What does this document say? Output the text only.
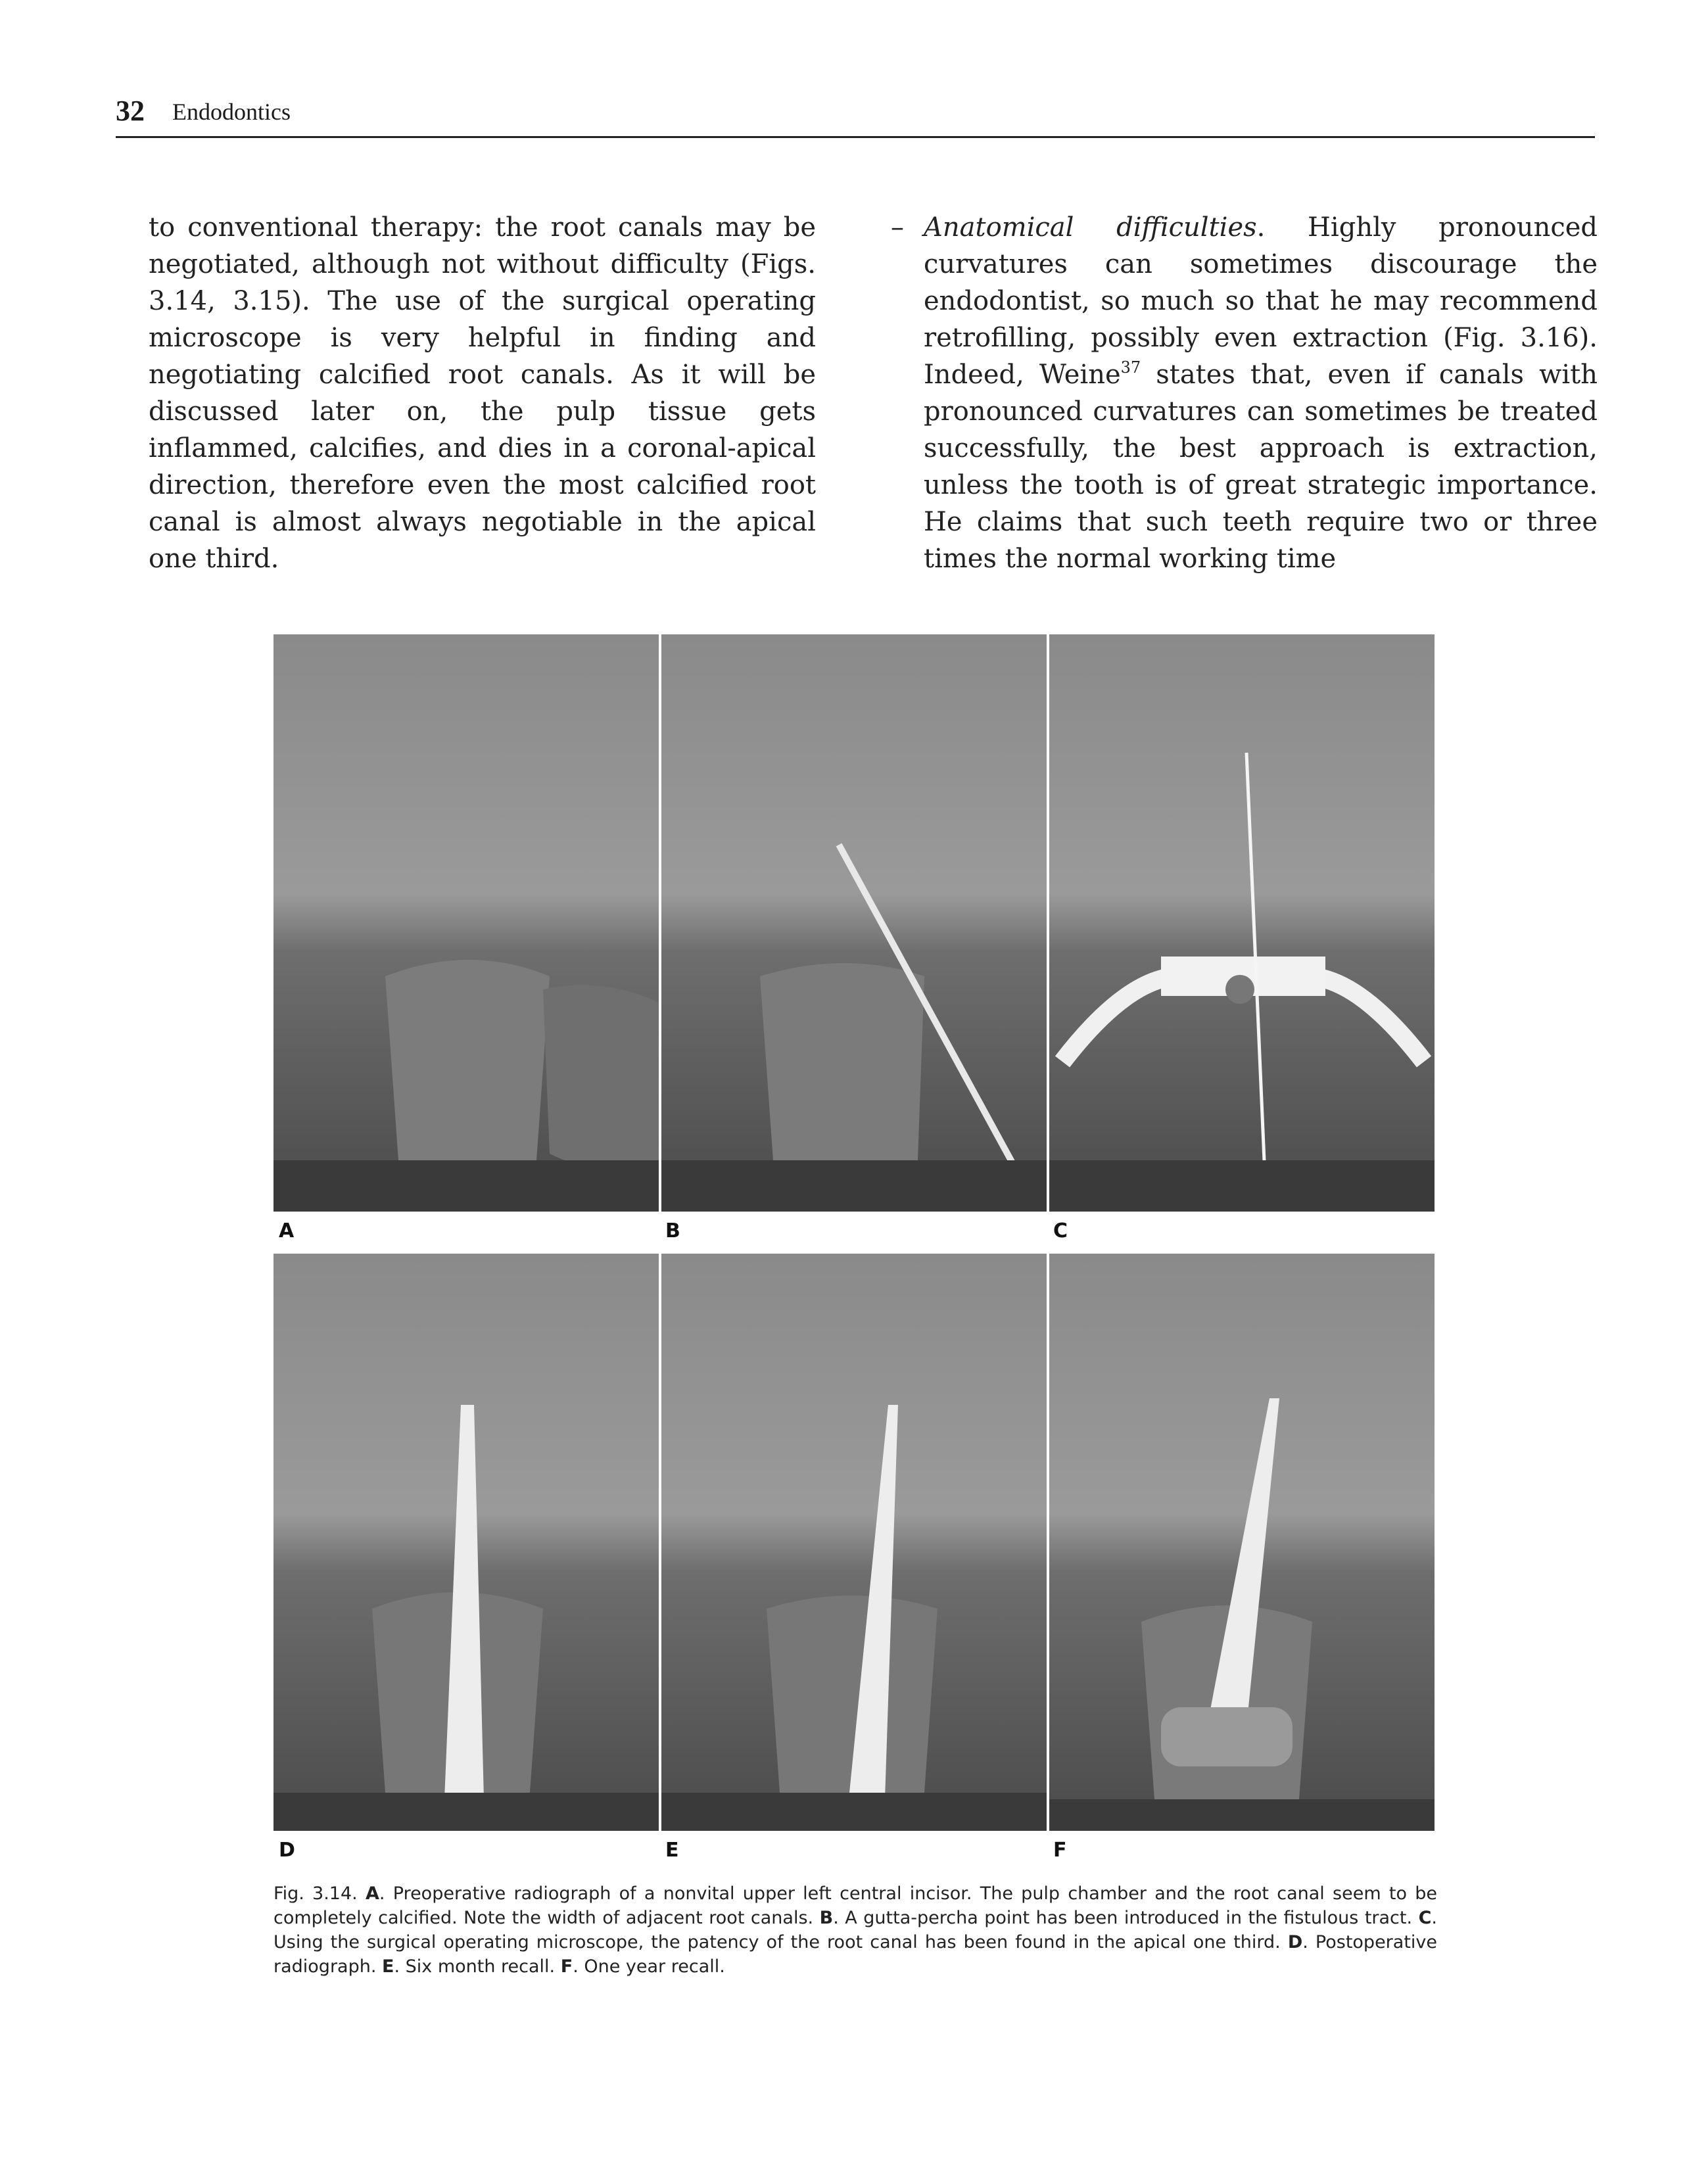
32 Endodontics

to conventional therapy: the root canals may be negotiated, although not without difficulty (Figs. 3.14, 3.15). The use of the surgical operating microscope is very helpful in finding and negotiating calcified root canals. As it will be discussed later on, the pulp tissue gets inflammed, calcifies, and dies in a coronal-apical direction, therefore even the most calcified root canal is almost always negotiable in the apical one third.

– Anatomical difficulties. Highly pronounced curvatures can sometimes discourage the endodontist, so much so that he may recommend retrofilling, possibly even extraction (Fig. 3.16). Indeed, Weine$^{37}$ states that, even if canals with pronounced curvatures can sometimes be treated successfully, the best approach is extraction, unless the tooth is of great strategic importance. He claims that such teeth require two or three times the normal working time

A	B	C
D	E	F
Fig. 3.14. A. Preoperative radiograph of a nonvital upper left central incisor. The pulp chamber and the root canal seem to be completely calcified. Note the width of adjacent root canals. B. A gutta-percha point has been introduced in the fistulous tract. C. Using the surgical operating microscope, the patency of the root canal has been found in the apical one third. D. Postoperative radiograph. E. Six month recall. F. One year recall.
